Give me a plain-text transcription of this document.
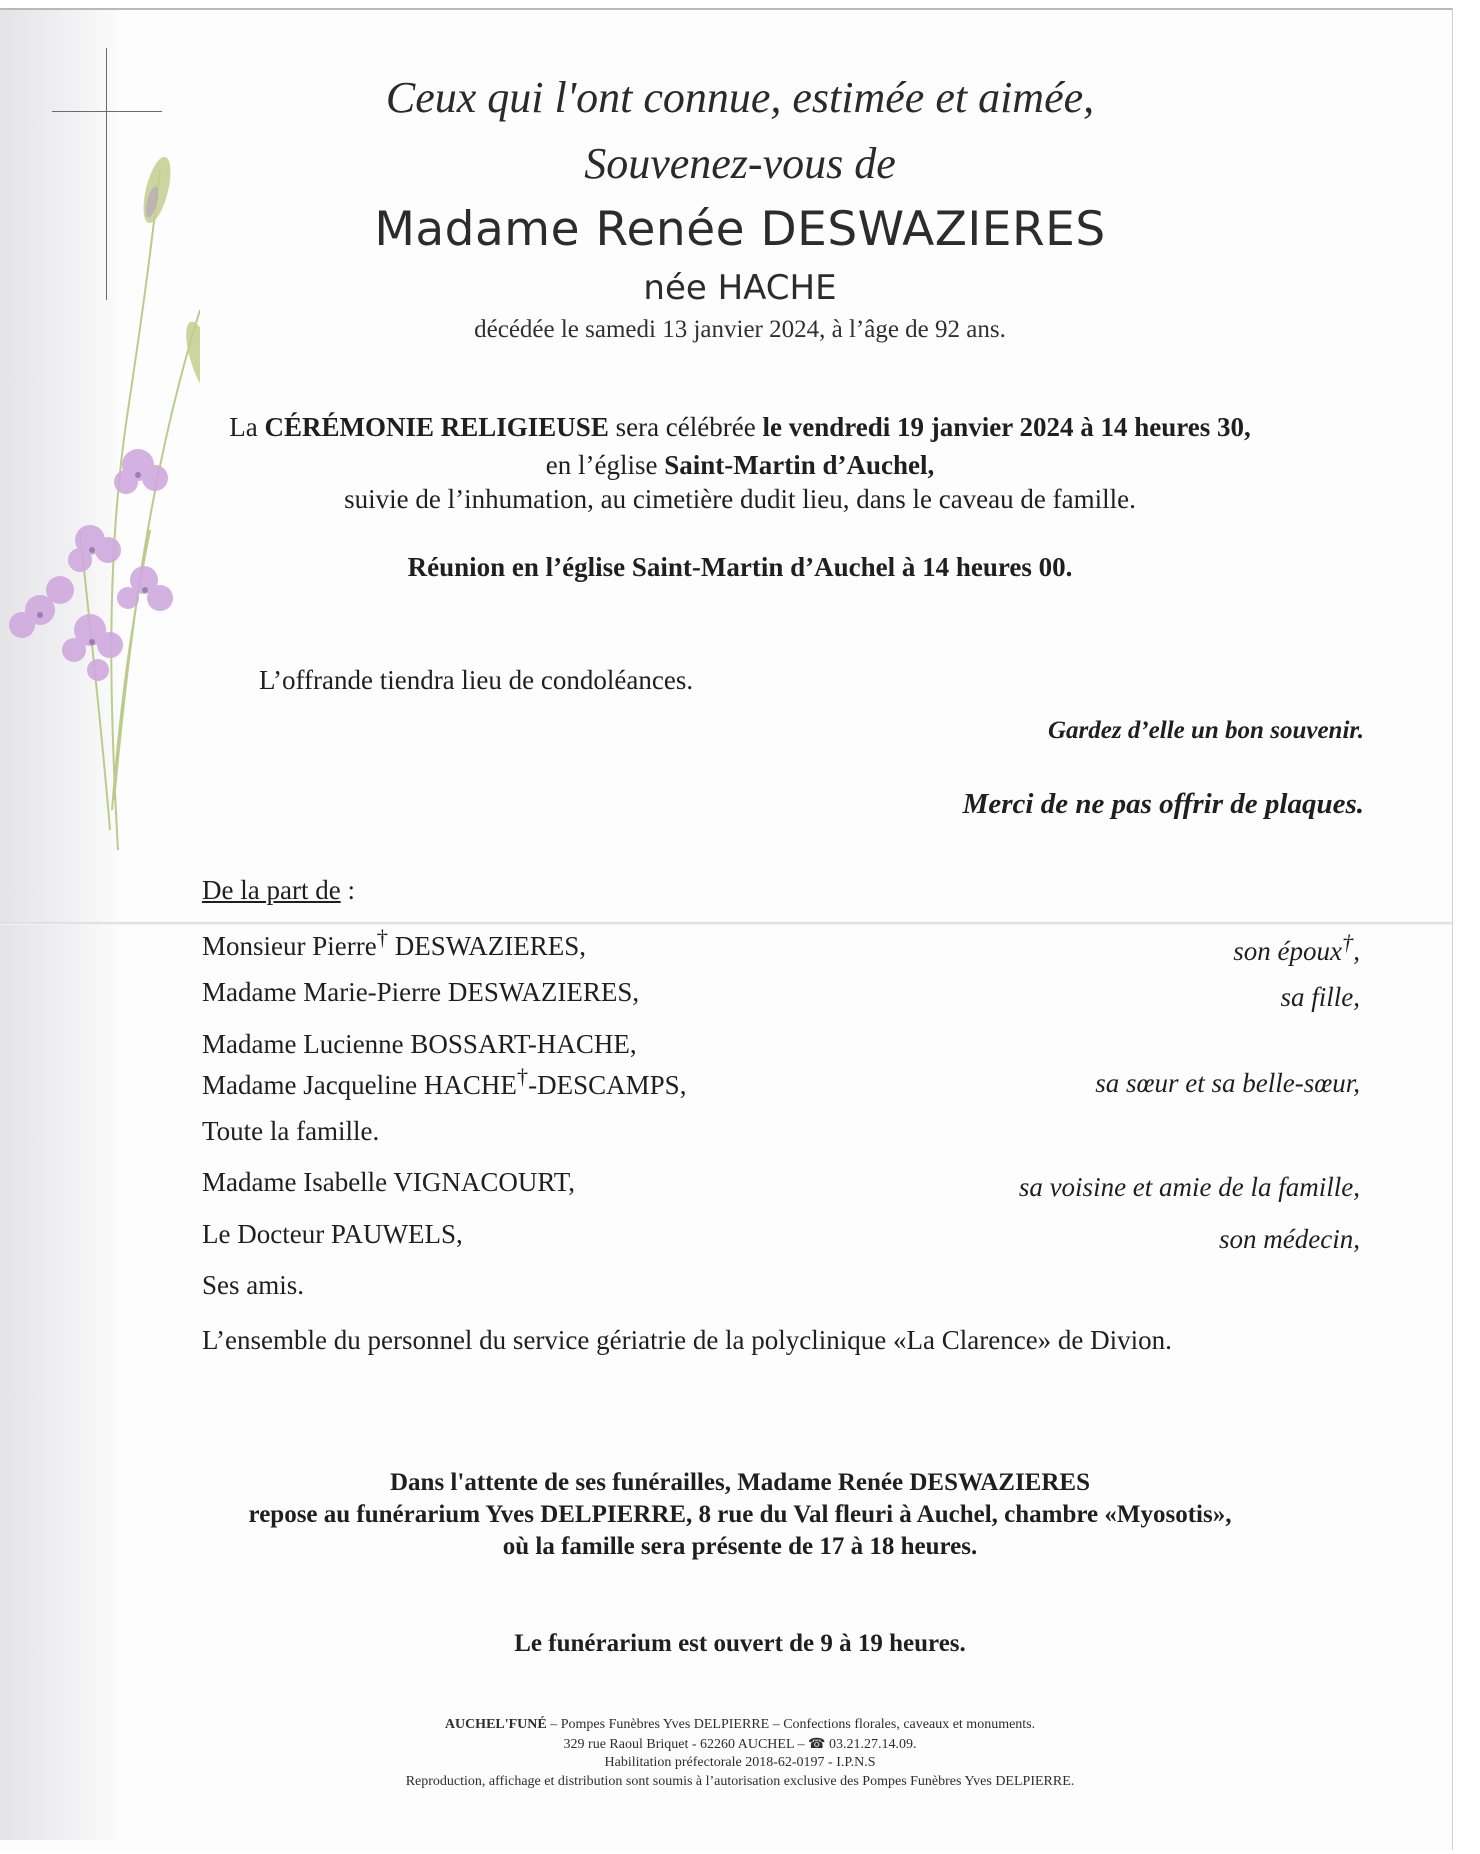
Ceux qui l'ont connue, estimée et aimée,
Souvenez-vous de
Madame Renée DESWAZIERES
née HACHE
décédée le samedi 13 janvier 2024, à l’âge de 92 ans.
La CÉRÉMONIE RELIGIEUSE sera célébrée le vendredi 19 janvier 2024 à 14 heures 30,
en l’église Saint-Martin d’Auchel,
suivie de l’inhumation, au cimetière dudit lieu, dans le caveau de famille.
Réunion en l’église Saint-Martin d’Auchel à 14 heures 00.
L’offrande tiendra lieu de condoléances.
Gardez d’elle un bon souvenir.
Merci de ne pas offrir de plaques.
De la part de :
Monsieur Pierre† DESWAZIERES,	son époux†,
Madame Marie-Pierre DESWAZIERES,	sa fille,
Madame Lucienne BOSSART-HACHE,
Madame Jacqueline HACHE†-DESCAMPS,	sa sœur et sa belle-sœur,
Toute la famille.
Madame Isabelle VIGNACOURT,	sa voisine et amie de la famille,
Le Docteur PAUWELS,	son médecin,
Ses amis.
L’ensemble du personnel du service gériatrie de la polyclinique «La Clarence» de Divion.
Dans l'attente de ses funérailles, Madame Renée DESWAZIERES
repose au funérarium Yves DELPIERRE, 8 rue du Val fleuri à Auchel, chambre «Myosotis»,
où la famille sera présente de 17 à 18 heures.
Le funérarium est ouvert de 9 à 19 heures.
AUCHEL'FUNÉ – Pompes Funèbres Yves DELPIERRE – Confections florales, caveaux et monuments.
329 rue Raoul Briquet - 62260 AUCHEL – ☎ 03.21.27.14.09.
Habilitation préfectorale 2018-62-0197 - I.P.N.S
Reproduction, affichage et distribution sont soumis à l’autorisation exclusive des Pompes Funèbres Yves DELPIERRE.
